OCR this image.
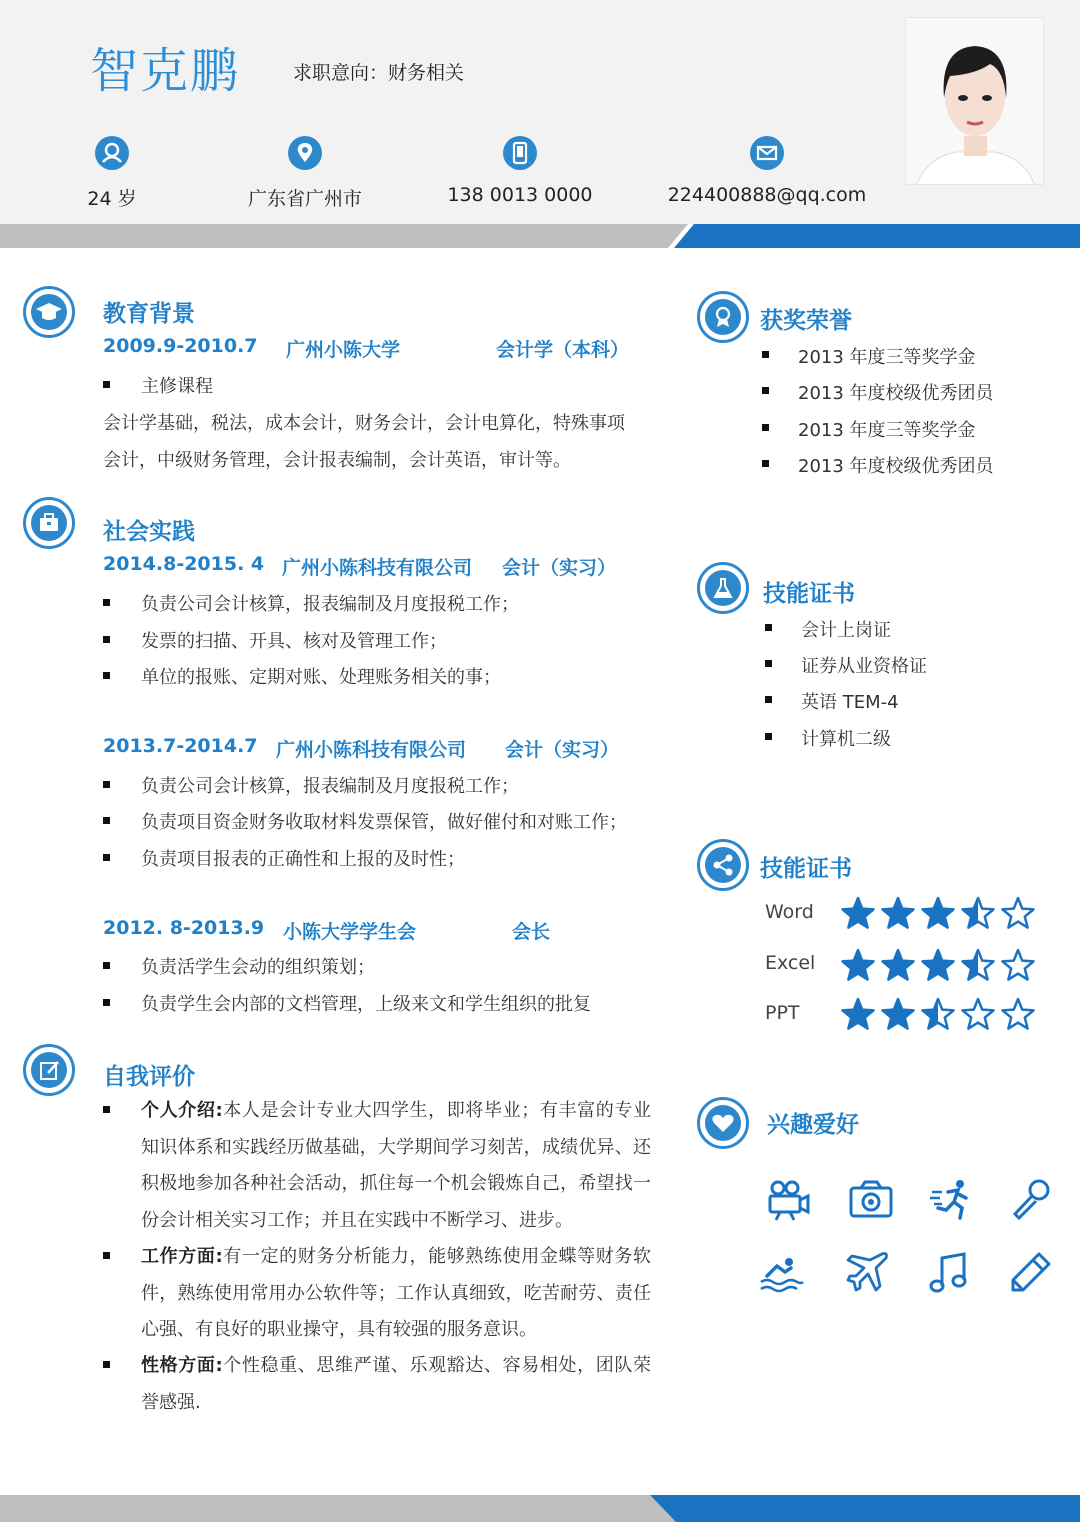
智克鹏	求职意向：财务相关
24 岁	广东省广州市	138 0013 0000	224400888@qq.com
教育背景
2009.9-2010.7 广州小陈大学	会计学（本科）
主修课程
会计学基础，税法，成本会计，财务会计，会计电算化，特殊事项
会计，中级财务管理，会计报表编制，会计英语，审计等。
社会实践
2014.8-2015. 4 广州小陈科技有限公司 会计（实习）
负责公司会计核算，报表编制及月度报税工作；
发票的扫描、开具、核对及管理工作；
单位的报账、定期对账、处理账务相关的事；
2013.7-2014.7 广州小陈科技有限公司 会计（实习）
负责公司会计核算，报表编制及月度报税工作；
负责项目资金财务收取材料发票保管，做好催付和对账工作；
负责项目报表的正确性和上报的及时性；
2012. 8-2013.9 小陈大学学生会	会长
负责活学生会动的组织策划；
负责学生会内部的文档管理，上级来文和学生组织的批复
自我评价
个人介绍:本人是会计专业大四学生，即将毕业；有丰富的专业知识体系和实践经历做基础，大学期间学习刻苦，成绩优异、还积极地参加各种社会活动，抓住每一个机会锻炼自己，希望找一份会计相关实习工作；并且在实践中不断学习、进步。
工作方面:有一定的财务分析能力，能够熟练使用金蝶等财务软件，熟练使用常用办公软件等；工作认真细致，吃苦耐劳、责任心强、有良好的职业操守，具有较强的服务意识。
性格方面:个性稳重、思维严谨、乐观豁达、容易相处，团队荣誉感强.
获奖荣誉
2013 年度三等奖学金
2013 年度校级优秀团员
2013 年度三等奖学金
2013 年度校级优秀团员
技能证书
会计上岗证
证券从业资格证
英语 TEM-4
计算机二级
技能证书
Word
Excel
PPT
兴趣爱好
